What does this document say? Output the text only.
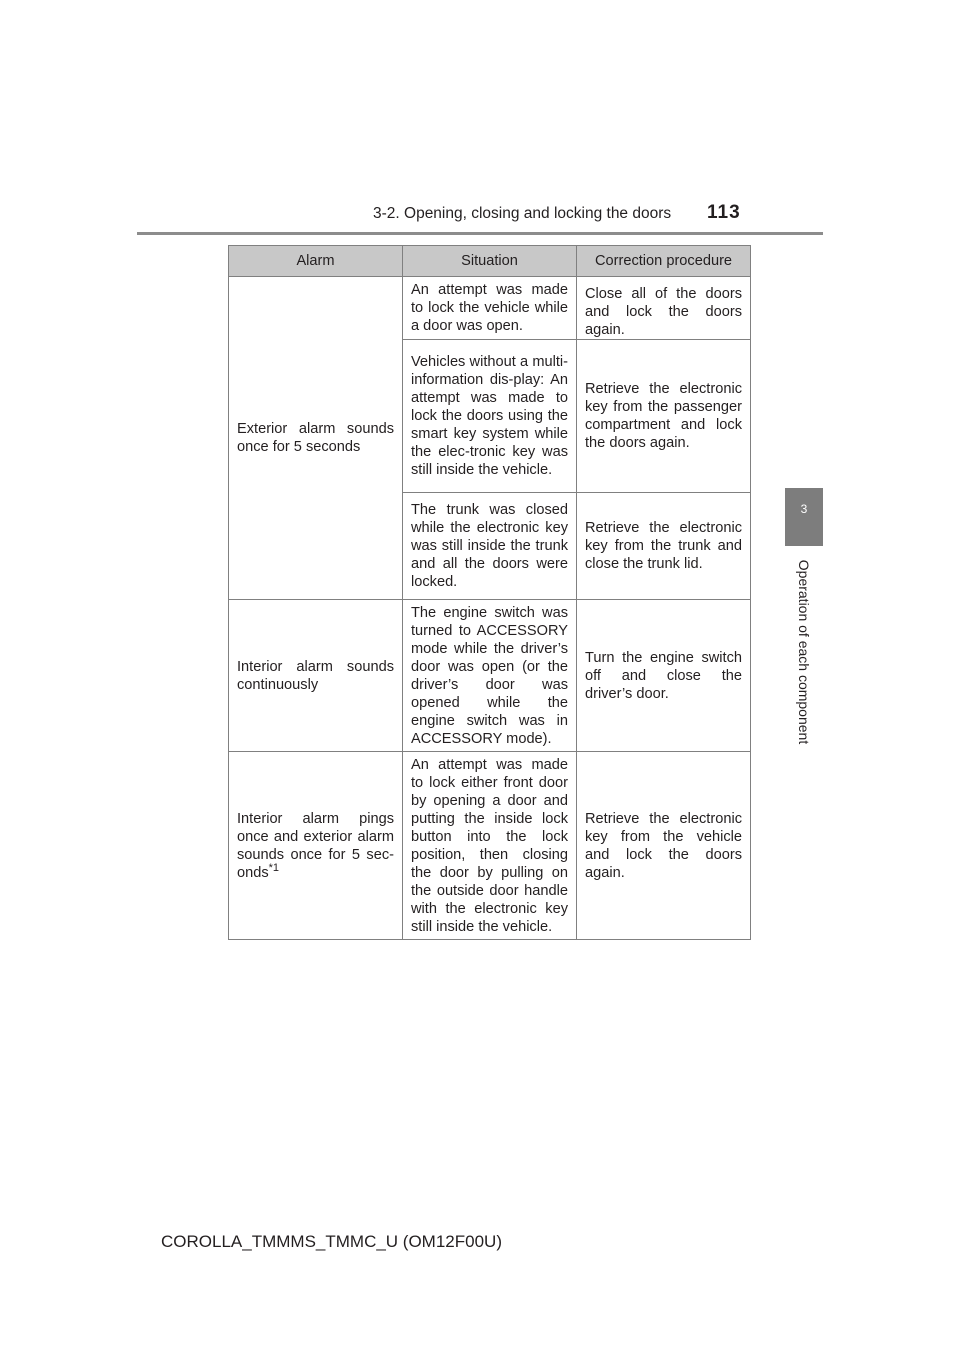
3-2. Opening, closing and locking the doors 113
3
Operation of each component
Alarm	Situation	Correction procedure
Exterior alarm sounds once for 5 seconds	An attempt was made to lock the vehicle while a door was open.	Close all of the doors and lock the doors again.
	Vehicles without a multi-information dis-play: An attempt was made to lock the doors using the smart key system while the elec-tronic key was still inside the vehicle.	Retrieve the electronic key from the passenger compartment and lock the doors again.
	The trunk was closed while the electronic key was still inside the trunk and all the doors were locked.	Retrieve the electronic key from the trunk and close the trunk lid.
Interior alarm sounds continuously	The engine switch was turned to ACCESSORY mode while the driver’s door was open (or the driver’s door was opened while the engine switch was in ACCESSORY mode).	Turn the engine switch off and close the driver’s door.
Interior alarm pings once and exterior alarm sounds once for 5 sec-onds$^{*1}$	An attempt was made to lock either front door by opening a door and putting the inside lock button into the lock position, then closing the door by pulling on the outside door handle with the electronic key still inside the vehicle.	Retrieve the electronic key from the vehicle and lock the doors again.
COROLLA_TMMMS_TMMC_U (OM12F00U)
